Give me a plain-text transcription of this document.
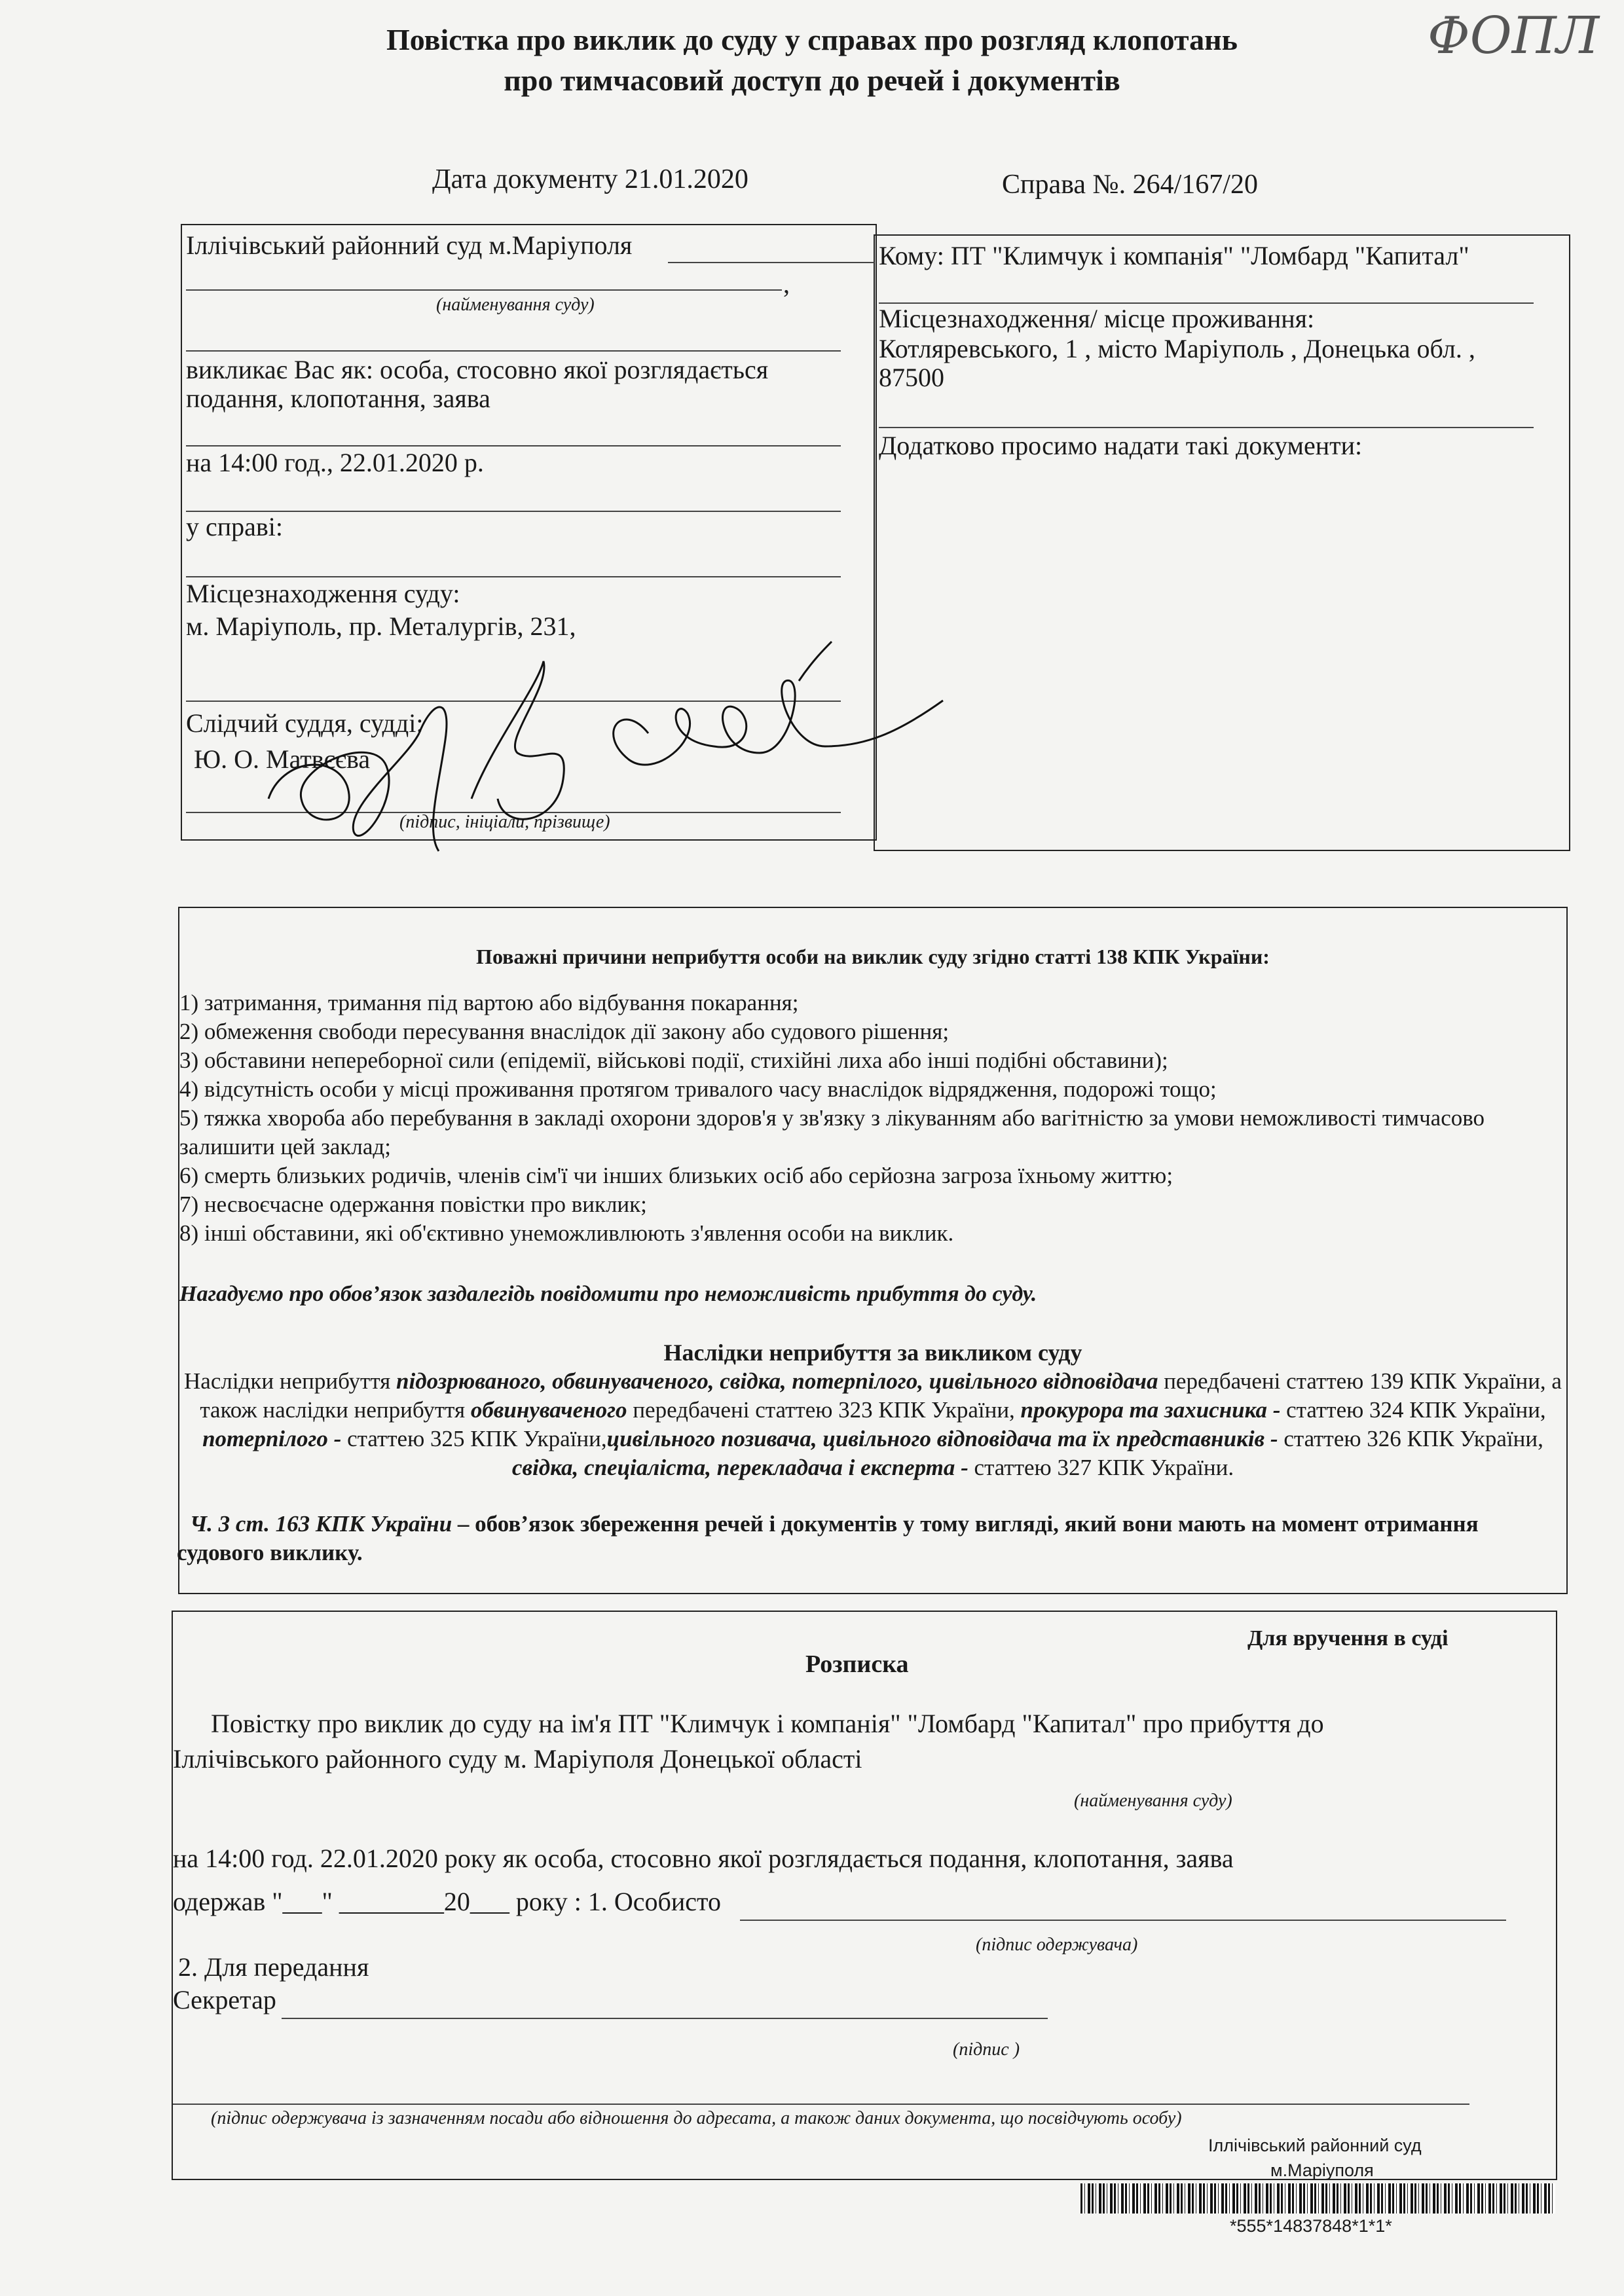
Повістка про виклик до суду у справах про розгляд клопотань
про тимчасовий доступ до речей і документів
ФОПЛ
Дата документу 21.01.2020	Справа №. 264/167/20
Іллічівський районний суд м.Маріуполя
,
(найменування суду)
викликає Вас як: особа, стосовно якої розглядається
подання, клопотання, заява
на 14:00 год., 22.01.2020 р.
у справі:
Місцезнаходження суду:
м. Маріуполь, пр. Металургів, 231,
Слідчий суддя, судді:
Ю. О. Матвєєва
(підпис, ініціали, прізвище)
Кому: ПТ "Климчук і компанія" "Ломбард "Капитал"
Місцезнаходження/ місце проживання:
Котляревського, 1 , місто Маріуполь , Донецька обл. ,
87500
Додатково просимо надати такі документи:
Поважні причини неприбуття особи на виклик суду згідно статті 138 КПК України:
1) затримання, тримання під вартою або відбування покарання;
2) обмеження свободи пересування внаслідок дії закону або судового рішення;
3) обставини непереборної сили (епідемії, військові події, стихійні лиха або інші подібні обставини);
4) відсутність особи у місці проживання протягом тривалого часу внаслідок відрядження, подорожі тощо;
5) тяжка хвороба або перебування в закладі охорони здоров'я у зв'язку з лікуванням або вагітністю за умови неможливості тимчасово залишити цей заклад;
6) смерть близьких родичів, членів сім'ї чи інших близьких осіб або серйозна загроза їхньому життю;
7) несвоєчасне одержання повістки про виклик;
8) інші обставини, які об'єктивно унеможливлюють з'явлення особи на виклик.
Нагадуємо про обов’язок заздалегідь повідомити про неможливість прибуття до суду.
Наслідки неприбуття за викликом суду
Наслідки неприбуття підозрюваного, обвинуваченого, свідка, потерпілого, цивільного відповідача передбачені статтею 139 КПК України, а також наслідки неприбуття обвинуваченого передбачені статтею 323 КПК України, прокурора та захисника - статтею 324 КПК України, потерпілого - статтею 325 КПК України,цивільного позивача, цивільного відповідача та їх представників - статтею 326 КПК України, свідка, спеціаліста, перекладача і експерта - статтею 327 КПК України.
Ч. 3 ст. 163 КПК України – обов’язок збереження речей і документів у тому вигляді, який вони мають на момент отримання судового виклику.
Для вручення в суді
Розписка
Повістку про виклик до суду на ім'я ПТ "Климчук і компанія" "Ломбард "Капитал" про прибуття до
Іллічівського районного суду м. Маріуполя Донецької області
(найменування суду)
на 14:00 год. 22.01.2020 року як особа, стосовно якої розглядається подання, клопотання, заява
одержав "___" ________20___ року : 1. Особисто
(підпис одержувача)
2. Для передання
Секретар
(підпис )
(підпис одержувача із зазначенням посади або відношення до адресата, а також даних документа, що посвідчують особу)
Іллічівський районний суд
м.Маріуполя
*555*14837848*1*1*
